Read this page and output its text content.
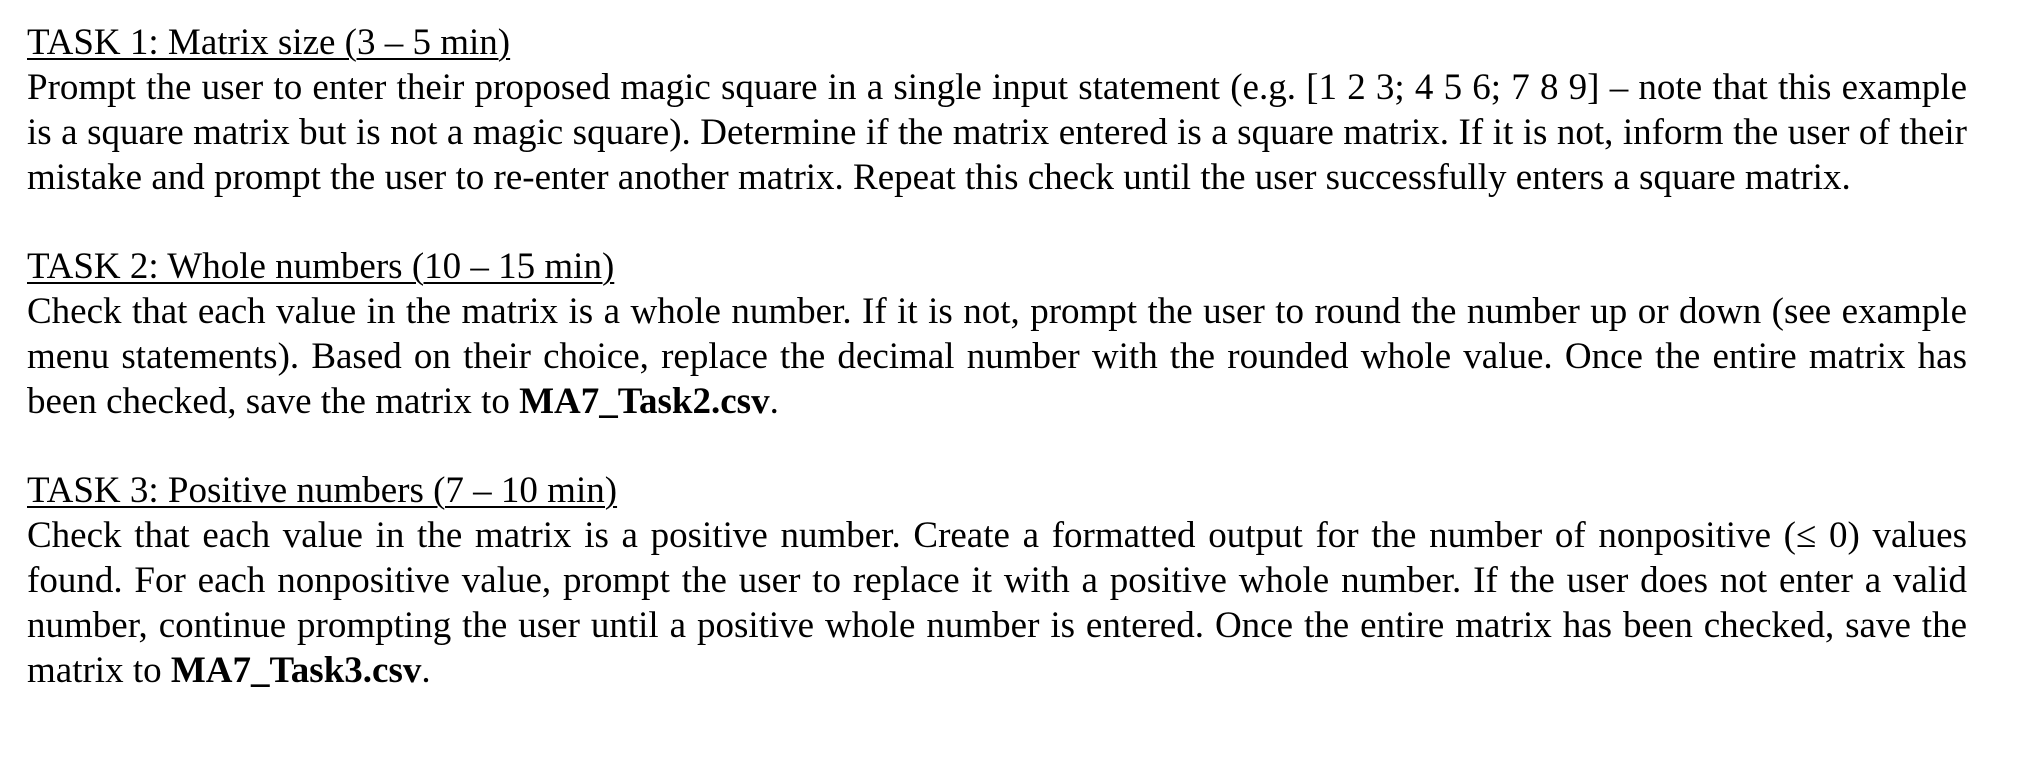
TASK 1: Matrix size (3 – 5 min)

Prompt the user to enter their proposed magic square in a single input statement (e.g. [1 2 3; 4 5 6; 7 8 9] – note that this example is a square matrix but is not a magic square). Determine if the matrix entered is a square matrix. If it is not, inform the user of their mistake and prompt the user to re-enter another matrix. Repeat this check until the user successfully enters a square matrix.

TASK 2: Whole numbers (10 – 15 min)

Check that each value in the matrix is a whole number. If it is not, prompt the user to round the number up or down (see example menu statements). Based on their choice, replace the decimal number with the rounded whole value. Once the entire matrix has been checked, save the matrix to MA7_Task2.csv.

TASK 3: Positive numbers (7 – 10 min)

Check that each value in the matrix is a positive number. Create a formatted output for the number of nonpositive (≤ 0) values found. For each nonpositive value, prompt the user to replace it with a positive whole number. If the user does not enter a valid number, continue prompting the user until a positive whole number is entered. Once the entire matrix has been checked, save the matrix to MA7_Task3.csv.
